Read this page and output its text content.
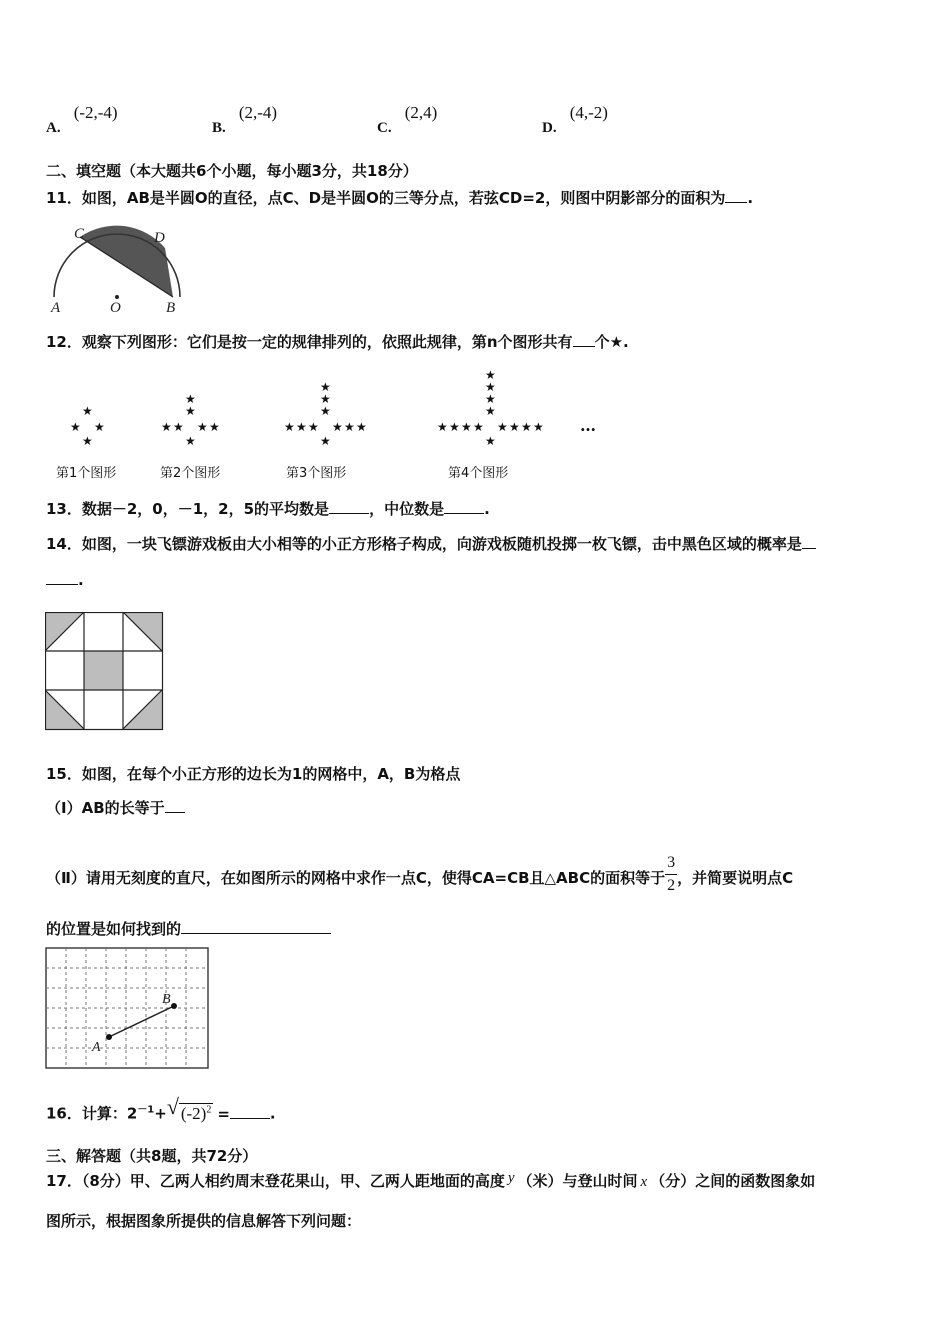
A. (-2,-4)
B. (2,-4)
C. (2,4)
D. (4,-2)
二、填空题（本大题共6个小题，每小题3分，共18分）
11．如图，AB是半圆O的直径，点C、D是半圆O的三等分点，若弦CD=2，则图中阴影部分的面积为 .
C	D
A	O	B
12．观察下列图形：它们是按一定的规律排列的，依照此规律，第n个图形共有 个★.
★ ★
★
★
★ ★
★
★	★
★
★
★ ★
★
★	★
★
★	★
★
★
★ ★
★
★	★
★
★	★
★
★	★
★
★
第1个图形	第2个图形	第3个图形	第4个图形
…
13．数据－2，0，－1，2，5的平均数是	，中位数是	.
14．如图，一块飞镖游戏板由大小相等的小正方形格子构成，向游戏板随机投掷一枚飞镖，击中黑色区域的概率是
.
15．如图，在每个小正方形的边长为1的网格中，A，B为格点
（Ⅰ）AB的长等于
（Ⅱ）请用无刻度的直尺，在如图所示的网格中求作一点C，使得CA=CB且△ABC的面积等于 $\frac{3}{2}$ ，并简要说明点C
的位置是如何找到的
A
B
16．计算：$2^{-1}+$ √ $(-2)^2$ =	.
三、解答题（共8题，共72分）
17．（8分）甲、乙两人相约周末登花果山，甲、乙两人距地面的高度 y （米）与登山时间 x （分）之间的函数图象如
图所示，根据图象所提供的信息解答下列问题：
